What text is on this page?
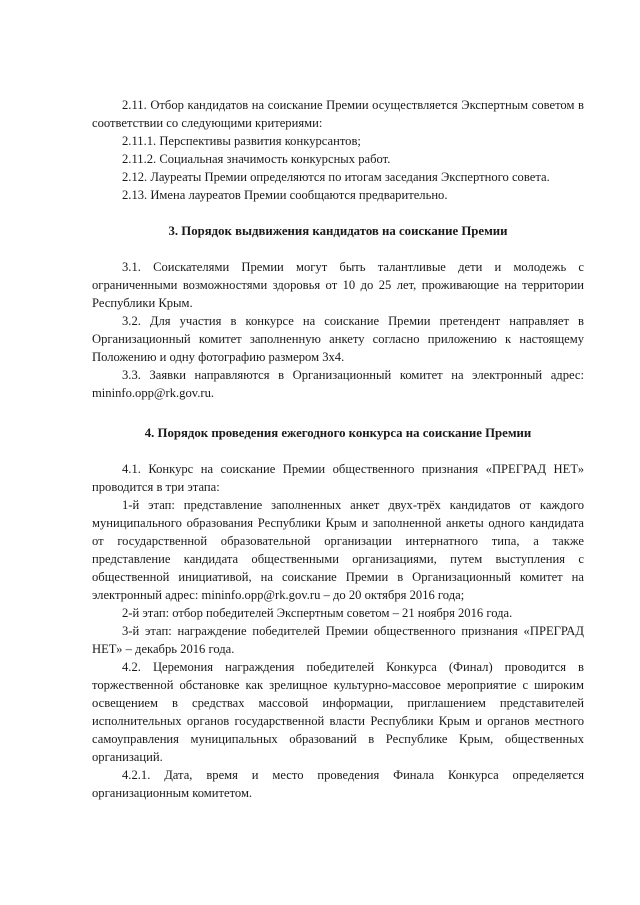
2.11. Отбор кандидатов на соискание Премии осуществляется Экспертным советом в соответствии со следующими критериями:

2.11.1. Перспективы развития конкурсантов;

2.11.2. Социальная значимость конкурсных работ.

2.12. Лауреаты Премии определяются по итогам заседания Экспертного совета.

2.13. Имена лауреатов Премии сообщаются предварительно.

3. Порядок выдвижения кандидатов на соискание Премии

3.1. Соискателями Премии могут быть талантливые дети и молодежь с ограниченными возможностями здоровья от 10 до 25 лет, проживающие на территории Республики Крым.

3.2. Для участия в конкурсе на соискание Премии претендент направляет в Организационный комитет заполненную анкету согласно приложению к настоящему Положению и одну фотографию размером 3х4.

3.3. Заявки направляются в Организационный комитет на электронный адрес: mininfo.opp@rk.gov.ru.

4. Порядок проведения ежегодного конкурса на соискание Премии

4.1. Конкурс на соискание Премии общественного признания «ПРЕГРАД НЕТ» проводится в три этапа:

1-й этап: представление заполненных анкет двух-трёх кандидатов от каждого муниципального образования Республики Крым и заполненной анкеты одного кандидата от государственной образовательной организации интернатного типа, а также представление кандидата общественными организациями, путем выступления с общественной инициативой, на соискание Премии в Организационный комитет на электронный адрес: mininfo.opp@rk.gov.ru – до 20 октября 2016 года;

2-й этап: отбор победителей Экспертным советом – 21 ноября 2016 года.

3-й этап: награждение победителей Премии общественного признания «ПРЕГРАД НЕТ» – декабрь 2016 года.

4.2. Церемония награждения победителей Конкурса (Финал) проводится в торжественной обстановке как зрелищное культурно-массовое мероприятие с широким освещением в средствах массовой информации, приглашением представителей исполнительных органов государственной власти Республики Крым и органов местного самоуправления муниципальных образований в Республике Крым, общественных организаций.

4.2.1. Дата, время и место проведения Финала Конкурса определяется организационным комитетом.
